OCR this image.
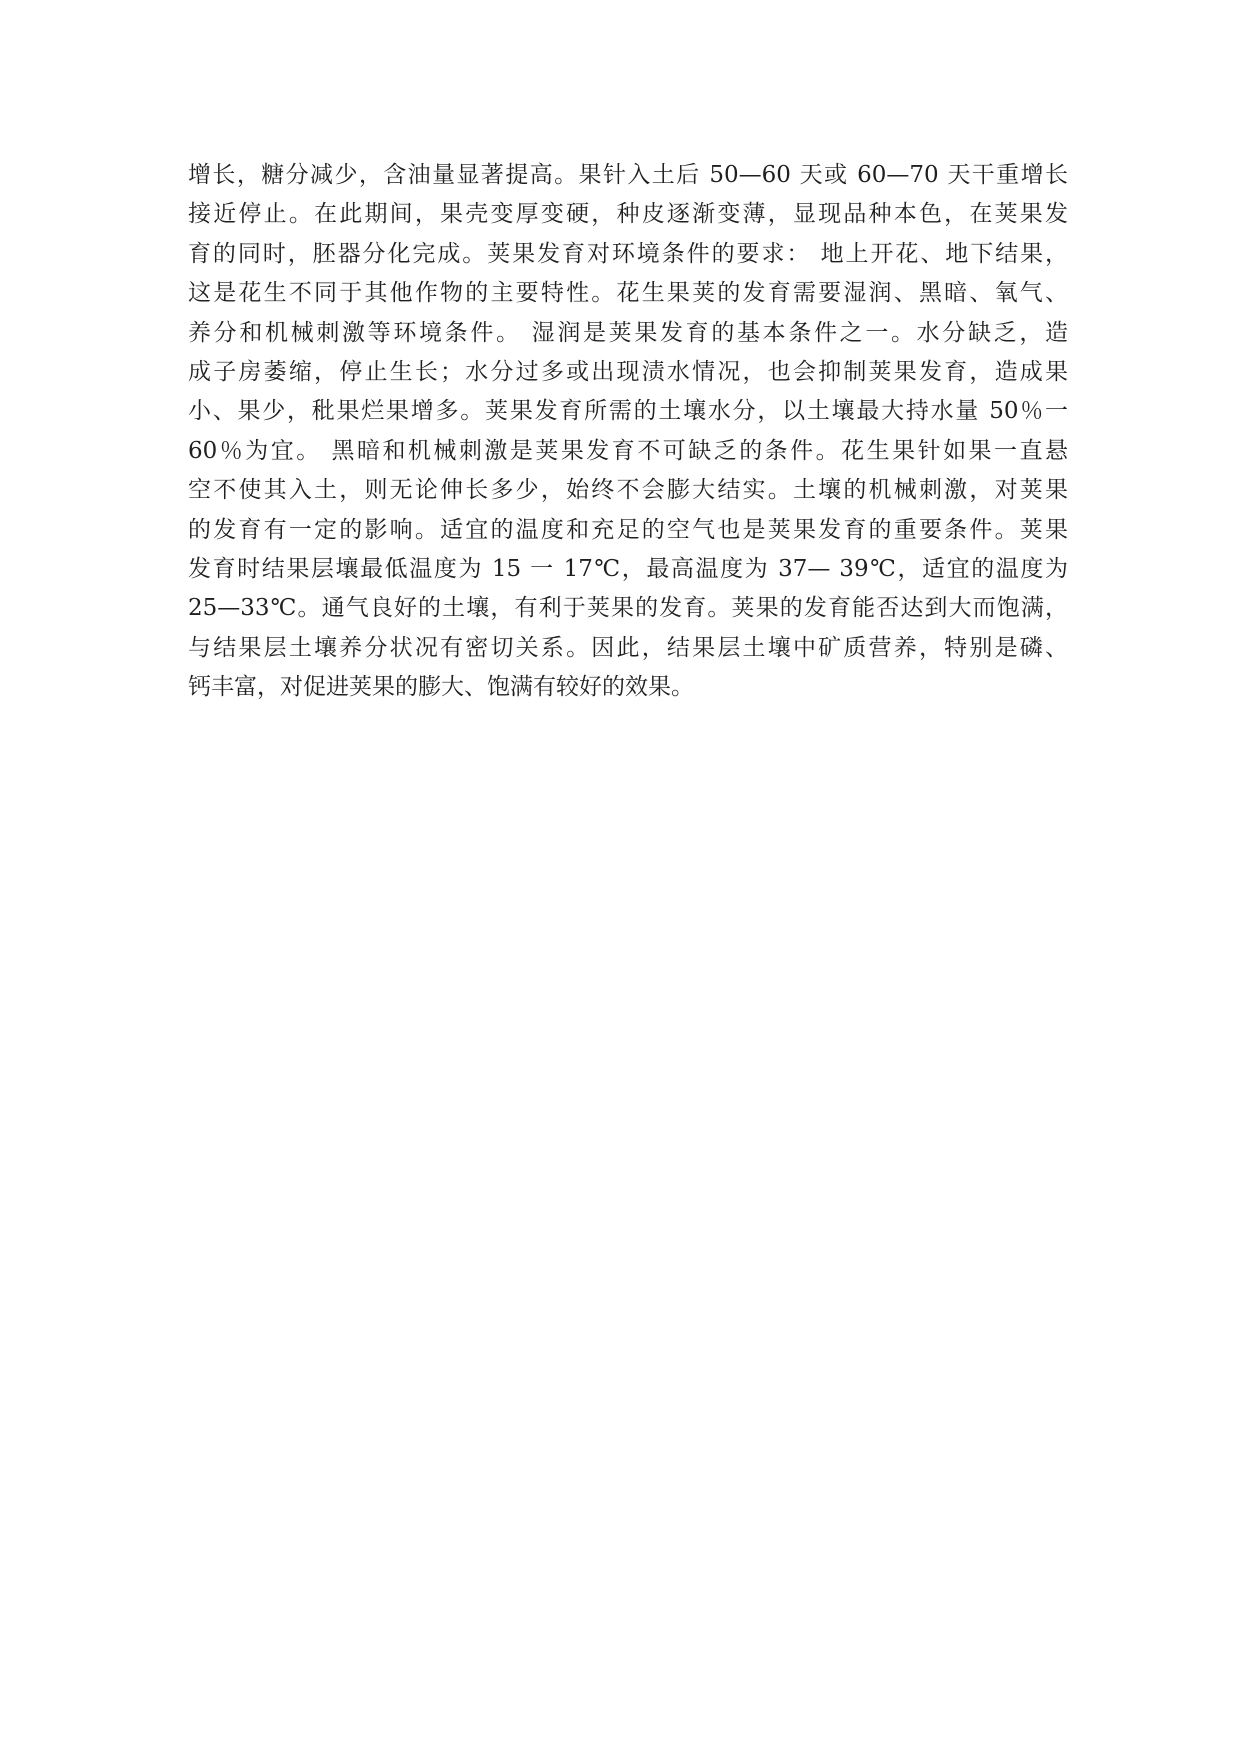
增长，糖分减少，含油量显著提高。果针入土后 50—60 天或 60—70 天干重增长
接近停止。在此期间，果壳变厚变硬，种皮逐渐变薄，显现品种本色，在荚果发
育的同时，胚器分化完成。荚果发育对环境条件的要求： 地上开花、地下结果，
这是花生不同于其他作物的主要特性。花生果荚的发育需要湿润、黑暗、氧气、
养分和机械刺激等环境条件。 湿润是荚果发育的基本条件之一。水分缺乏，造
成子房萎缩，停止生长；水分过多或出现渍水情况，也会抑制荚果发育，造成果
小、果少，秕果烂果增多。荚果发育所需的土壤水分，以土壤最大持水量 50％一
60％为宜。 黑暗和机械刺激是荚果发育不可缺乏的条件。花生果针如果一直悬
空不使其入土，则无论伸长多少，始终不会膨大结实。土壤的机械刺激，对荚果
的发育有一定的影响。适宜的温度和充足的空气也是荚果发育的重要条件。荚果
发育时结果层壤最低温度为 15 一 17℃，最高温度为 37— 39℃，适宜的温度为
25—33℃。通气良好的土壤，有利于荚果的发育。荚果的发育能否达到大而饱满，
与结果层土壤养分状况有密切关系。因此，结果层土壤中矿质营养，特别是磷、
钙丰富，对促进荚果的膨大、饱满有较好的效果。
